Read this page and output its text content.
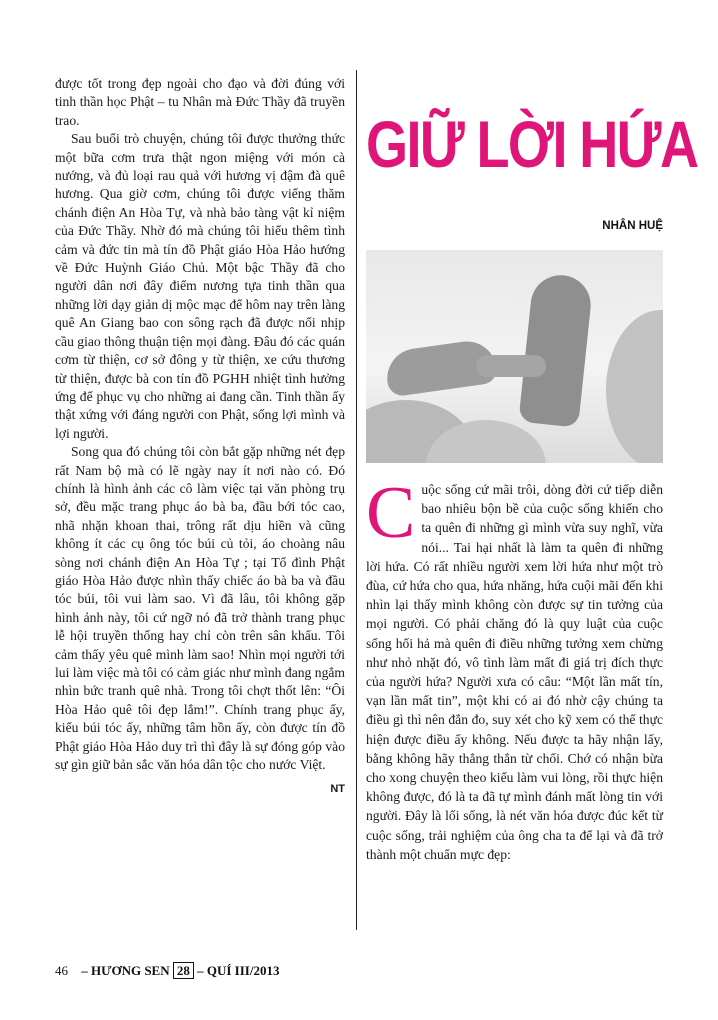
được tốt trong đẹp ngoài cho đạo và đời đúng với tinh thần học Phật – tu Nhân mà Đức Thầy đã truyền trao.

Sau buổi trò chuyện, chúng tôi được thưởng thức một bữa cơm trưa thật ngon miệng với món cà nướng, và đủ loại rau quả với hương vị đậm đà quê hương. Qua giờ cơm, chúng tôi được viếng thăm chánh điện An Hòa Tự, và nhà bảo tàng vật kỉ niệm của Đức Thầy. Nhờ đó mà chúng tôi hiểu thêm tình cảm và đức tin mà tín đồ Phật giáo Hòa Hảo hướng về Đức Huỳnh Giáo Chủ. Một bậc Thầy đã cho người dân nơi đây điểm nương tựa tinh thần qua những lời dạy giản dị mộc mạc để hôm nay trên làng quê An Giang bao con sông rạch đã được nối nhịp cầu giao thông thuận tiện mọi đàng. Đâu đó các quán cơm từ thiện, cơ sở đông y từ thiện, xe cứu thương từ thiện, được bà con tín đồ PGHH nhiệt tình hưởng ứng để phục vụ cho những ai đang cần. Tinh thần ấy thật xứng với đáng người con Phật, sống lợi mình và lợi người.

Song qua đó chúng tôi còn bắt gặp những nét đẹp rất Nam bộ mà có lẽ ngày nay ít nơi nào có. Đó chính là hình ảnh các cô làm việc tại văn phòng trụ sở, đều mặc trang phục áo bà ba, đầu bới tóc cao, nhã nhặn khoan thai, trông rất dịu hiền và cũng không ít các cụ ông tóc búi củ tỏi, áo choàng nâu sòng nơi chánh điện An Hòa Tự ; tại Tổ đình Phật giáo Hòa Hảo được nhìn thấy chiếc áo bà ba và đầu tóc búi, tôi vui làm sao. Vì đã lâu, tôi không gặp hình ảnh này, tôi cứ ngỡ nó đã trở thành trang phục lễ hội truyền thống hay chỉ còn trên sân khấu. Tôi cảm thấy yêu quê mình làm sao! Nhìn mọi người tới lui làm việc mà tôi có cảm giác như mình đang ngắm nhìn bức tranh quê nhà. Trong tôi chợt thốt lên: “Ôi Hòa Hảo quê tôi đẹp lắm!”. Chính trang phục ấy, kiểu búi tóc ấy, những tâm hồn ấy, còn được tín đồ Phật giáo Hòa Hảo duy trì thì đây là sự đóng góp vào sự gìn giữ bản sắc văn hóa dân tộc cho nước Việt.

NT
GIỮ LỜI HỨA
NHÂN HUỆ

Cuộc sống cứ mãi trôi, dòng đời cứ tiếp diễn bao nhiêu bộn bề của cuộc sống khiến cho ta quên đi những gì mình vừa suy nghĩ, vừa nói... Tai hại nhất là làm ta quên đi những lời hứa. Có rất nhiều người xem lời hứa như một trò đùa, cứ hứa cho qua, hứa nhăng, hứa cuội mãi đến khi nhìn lại thấy mình không còn được sự tin tưởng của mọi người. Có phải chăng đó là quy luật của cuộc sống hối hả mà quên đi điều những tưởng xem chừng như nhỏ nhặt đó, vô tình làm mất đi giá trị đích thực của người hứa? Người xưa có câu: “Một lần mất tín, vạn lần mất tin”, một khi có ai đó nhờ cậy chúng ta điều gì thì nên đắn đo, suy xét cho kỹ xem có thể thực hiện được điều ấy không. Nếu được ta hãy nhận lấy, bằng không hãy thẳng thắn từ chối. Chớ có nhận bừa cho xong chuyện theo kiểu làm vui lòng, rồi thực hiện không được, đó là ta đã tự mình đánh mất lòng tin với người. Đây là lối sống, là nét văn hóa được đúc kết từ cuộc sống, trải nghiệm của ông cha ta để lại và đã trở thành một chuẩn mực đẹp:

46 – HƯƠNG SEN 28 – QUÍ III/2013
